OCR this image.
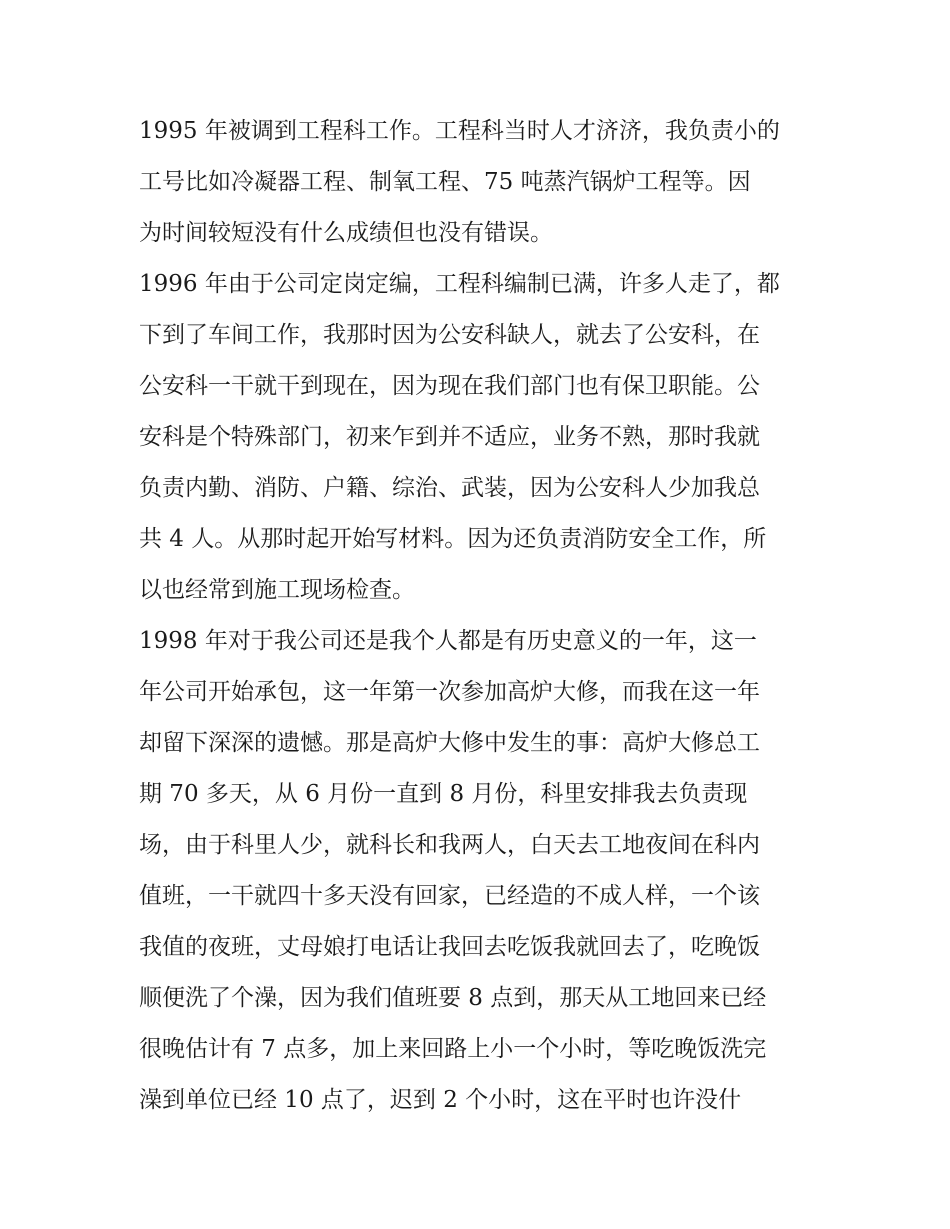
1995 年被调到工程科工作。工程科当时人才济济，我负责小的
工号比如冷凝器工程、制氧工程、75 吨蒸汽锅炉工程等。因
为时间较短没有什么成绩但也没有错误。
1996 年由于公司定岗定编，工程科编制已满，许多人走了，都
下到了车间工作，我那时因为公安科缺人，就去了公安科，在
公安科一干就干到现在，因为现在我们部门也有保卫职能。公
安科是个特殊部门，初来乍到并不适应，业务不熟，那时我就
负责内勤、消防、户籍、综治、武装，因为公安科人少加我总
共 4 人。从那时起开始写材料。因为还负责消防安全工作，所
以也经常到施工现场检查。
1998 年对于我公司还是我个人都是有历史意义的一年，这一
年公司开始承包，这一年第一次参加高炉大修，而我在这一年
却留下深深的遗憾。那是高炉大修中发生的事：高炉大修总工
期 70 多天，从 6 月份一直到 8 月份，科里安排我去负责现
场，由于科里人少，就科长和我两人，白天去工地夜间在科内
值班，一干就四十多天没有回家，已经造的不成人样，一个该
我值的夜班，丈母娘打电话让我回去吃饭我就回去了，吃晚饭
顺便洗了个澡，因为我们值班要 8 点到，那天从工地回来已经
很晚估计有 7 点多，加上来回路上小一个小时，等吃晚饭洗完
澡到单位已经 10 点了，迟到 2 个小时，这在平时也许没什
